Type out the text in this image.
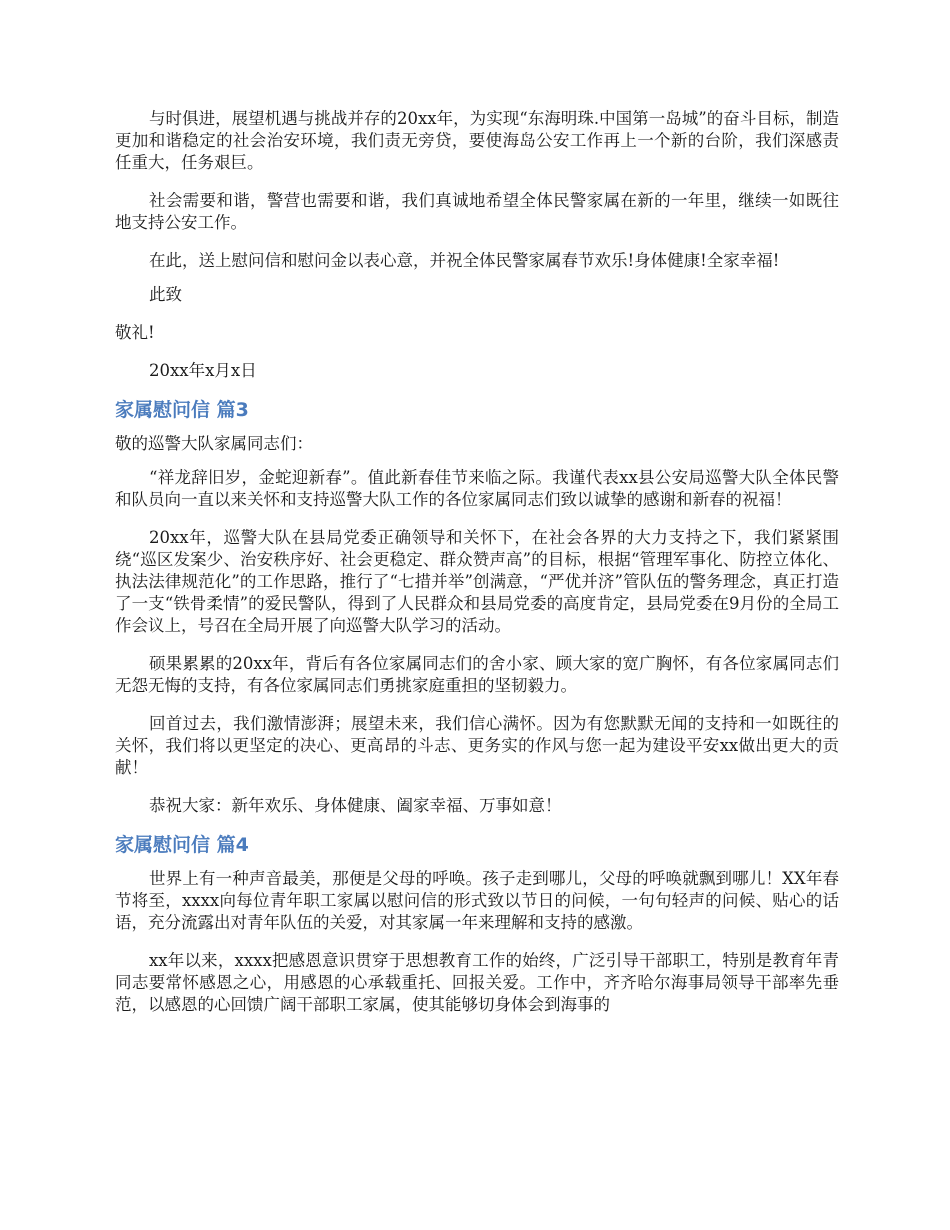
与时俱进，展望机遇与挑战并存的20xx年，为实现“东海明珠.中国第一岛城”的奋斗目标，制造更加和谐稳定的社会治安环境，我们责无旁贷，要使海岛公安工作再上一个新的台阶，我们深感责任重大，任务艰巨。

社会需要和谐，警营也需要和谐，我们真诚地希望全体民警家属在新的一年里，继续一如既往地支持公安工作。

在此，送上慰问信和慰问金以表心意，并祝全体民警家属春节欢乐!身体健康!全家幸福!

此致

敬礼!

20xx年x月x日

家属慰问信 篇3

敬的巡警大队家属同志们：

“祥龙辞旧岁，金蛇迎新春”。值此新春佳节来临之际。我谨代表xx县公安局巡警大队全体民警和队员向一直以来关怀和支持巡警大队工作的各位家属同志们致以诚挚的感谢和新春的祝福！

20xx年，巡警大队在县局党委正确领导和关怀下，在社会各界的大力支持之下，我们紧紧围绕“巡区发案少、治安秩序好、社会更稳定、群众赞声高”的目标，根据“管理军事化、防控立体化、执法法律规范化”的工作思路，推行了“七措并举”创满意，“严优并济”管队伍的警务理念，真正打造了一支“铁骨柔情”的爱民警队，得到了人民群众和县局党委的高度肯定，县局党委在9月份的全局工作会议上，号召在全局开展了向巡警大队学习的活动。

硕果累累的20xx年，背后有各位家属同志们的舍小家、顾大家的宽广胸怀，有各位家属同志们无怨无悔的支持，有各位家属同志们勇挑家庭重担的坚韧毅力。

回首过去，我们激情澎湃；展望未来，我们信心满怀。因为有您默默无闻的支持和一如既往的关怀，我们将以更坚定的决心、更高昂的斗志、更务实的作风与您一起为建设平安xx做出更大的贡献！

恭祝大家：新年欢乐、身体健康、阖家幸福、万事如意！

家属慰问信 篇4

世界上有一种声音最美，那便是父母的呼唤。孩子走到哪儿，父母的呼唤就飘到哪儿！XX年春节将至，xxxx向每位青年职工家属以慰问信的形式致以节日的问候，一句句轻声的问候、贴心的话语，充分流露出对青年队伍的关爱，对其家属一年来理解和支持的感激。

xx年以来，xxxx把感恩意识贯穿于思想教育工作的始终，广泛引导干部职工，特别是教育年青同志要常怀感恩之心，用感恩的心承载重托、回报关爱。工作中，齐齐哈尔海事局领导干部率先垂范，以感恩的心回馈广阔干部职工家属，使其能够切身体会到海事的
